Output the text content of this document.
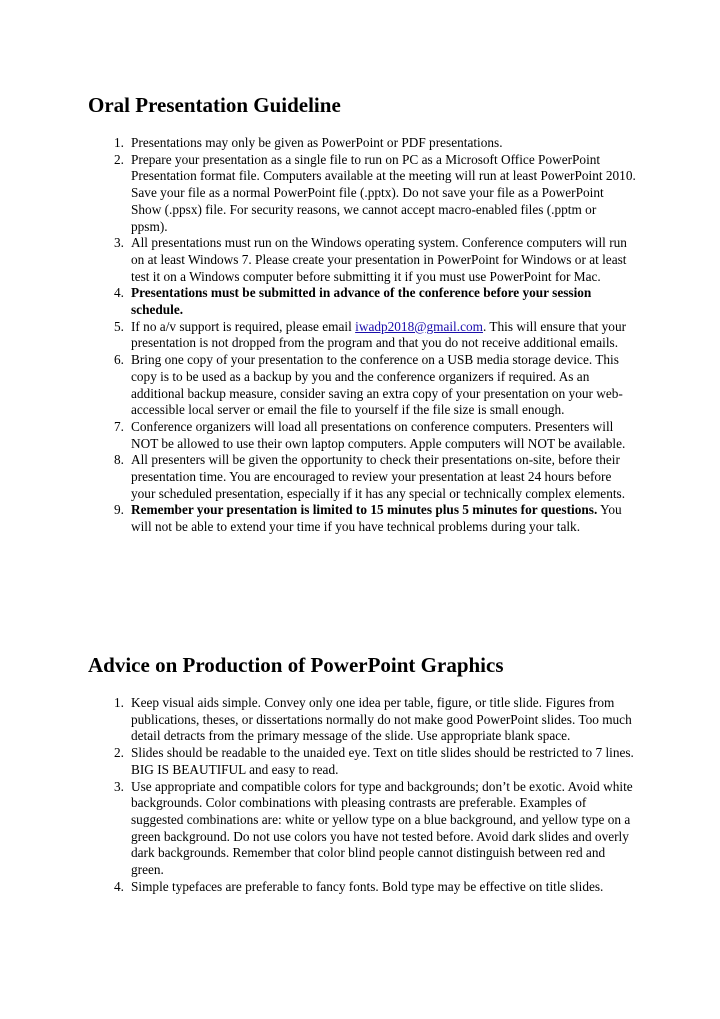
Oral Presentation Guideline
1. Presentations may only be given as PowerPoint or PDF presentations.
2. Prepare your presentation as a single file to run on PC as a Microsoft Office PowerPoint Presentation format file. Computers available at the meeting will run at least PowerPoint 2010. Save your file as a normal PowerPoint file (.pptx). Do not save your file as a PowerPoint Show (.ppsx) file. For security reasons, we cannot accept macro-enabled files (.pptm or ppsm).
3. All presentations must run on the Windows operating system. Conference computers will run on at least Windows 7. Please create your presentation in PowerPoint for Windows or at least test it on a Windows computer before submitting it if you must use PowerPoint for Mac.
4. Presentations must be submitted in advance of the conference before your session schedule.
5. If no a/v support is required, please email iwadp2018@gmail.com. This will ensure that your presentation is not dropped from the program and that you do not receive additional emails.
6. Bring one copy of your presentation to the conference on a USB media storage device. This copy is to be used as a backup by you and the conference organizers if required. As an additional backup measure, consider saving an extra copy of your presentation on your web-accessible local server or email the file to yourself if the file size is small enough.
7. Conference organizers will load all presentations on conference computers. Presenters will NOT be allowed to use their own laptop computers. Apple computers will NOT be available.
8. All presenters will be given the opportunity to check their presentations on-site, before their presentation time. You are encouraged to review your presentation at least 24 hours before your scheduled presentation, especially if it has any special or technically complex elements.
9. Remember your presentation is limited to 15 minutes plus 5 minutes for questions. You will not be able to extend your time if you have technical problems during your talk.
Advice on Production of PowerPoint Graphics
1. Keep visual aids simple. Convey only one idea per table, figure, or title slide. Figures from publications, theses, or dissertations normally do not make good PowerPoint slides. Too much detail detracts from the primary message of the slide. Use appropriate blank space.
2. Slides should be readable to the unaided eye. Text on title slides should be restricted to 7 lines. BIG IS BEAUTIFUL and easy to read.
3. Use appropriate and compatible colors for type and backgrounds; don’t be exotic. Avoid white backgrounds. Color combinations with pleasing contrasts are preferable. Examples of suggested combinations are: white or yellow type on a blue background, and yellow type on a green background. Do not use colors you have not tested before. Avoid dark slides and overly dark backgrounds. Remember that color blind people cannot distinguish between red and green.
4. Simple typefaces are preferable to fancy fonts. Bold type may be effective on title slides.
